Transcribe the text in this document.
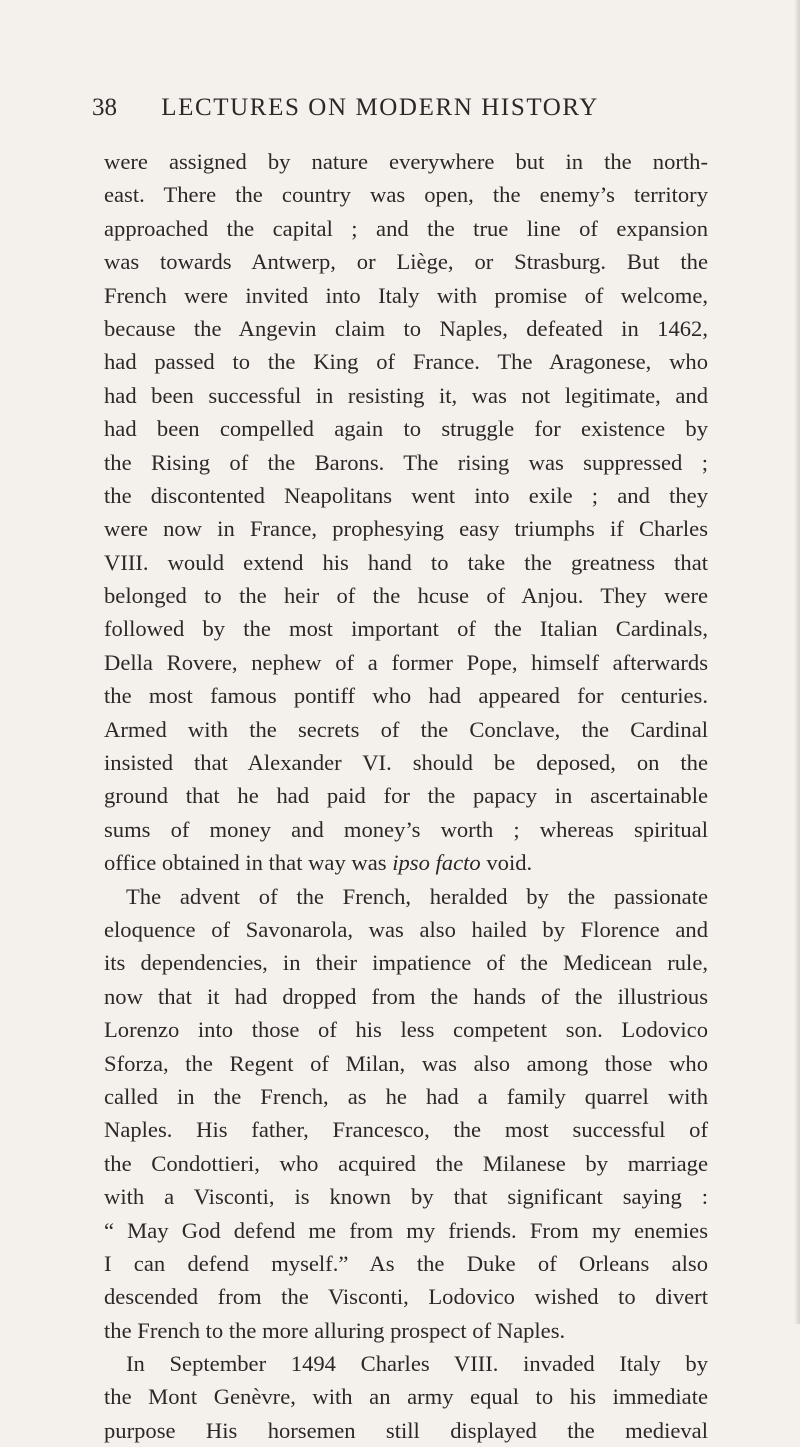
38 LECTURES ON MODERN HISTORY
were assigned by nature everywhere but in the north-
east. There the country was open, the enemy’s territory
approached the capital ; and the true line of expansion
was towards Antwerp, or Liège, or Strasburg. But the
French were invited into Italy with promise of welcome,
because the Angevin claim to Naples, defeated in 1462,
had passed to the King of France. The Aragonese, who
had been successful in resisting it, was not legitimate, and
had been compelled again to struggle for existence by
the Rising of the Barons. The rising was suppressed ;
the discontented Neapolitans went into exile ; and they
were now in France, prophesying easy triumphs if Charles
VIII. would extend his hand to take the greatness that
belonged to the heir of the hcuse of Anjou. They were
followed by the most important of the Italian Cardinals,
Della Rovere, nephew of a former Pope, himself afterwards
the most famous pontiff who had appeared for centuries.
Armed with the secrets of the Conclave, the Cardinal
insisted that Alexander VI. should be deposed, on the
ground that he had paid for the papacy in ascertainable
sums of money and money’s worth ; whereas spiritual
office obtained in that way was ipso facto void.
The advent of the French, heralded by the passionate
eloquence of Savonarola, was also hailed by Florence and
its dependencies, in their impatience of the Medicean rule,
now that it had dropped from the hands of the illustrious
Lorenzo into those of his less competent son. Lodovico
Sforza, the Regent of Milan, was also among those who
called in the French, as he had a family quarrel with
Naples. His father, Francesco, the most successful of
the Condottieri, who acquired the Milanese by marriage
with a Visconti, is known by that significant saying :
“ May God defend me from my friends. From my enemies
I can defend myself.” As the Duke of Orleans also
descended from the Visconti, Lodovico wished to divert
the French to the more alluring prospect of Naples.
In September 1494 Charles VIII. invaded Italy by
the Mont Genèvre, with an army equal to his immediate
purpose His horsemen still displayed the medieval
